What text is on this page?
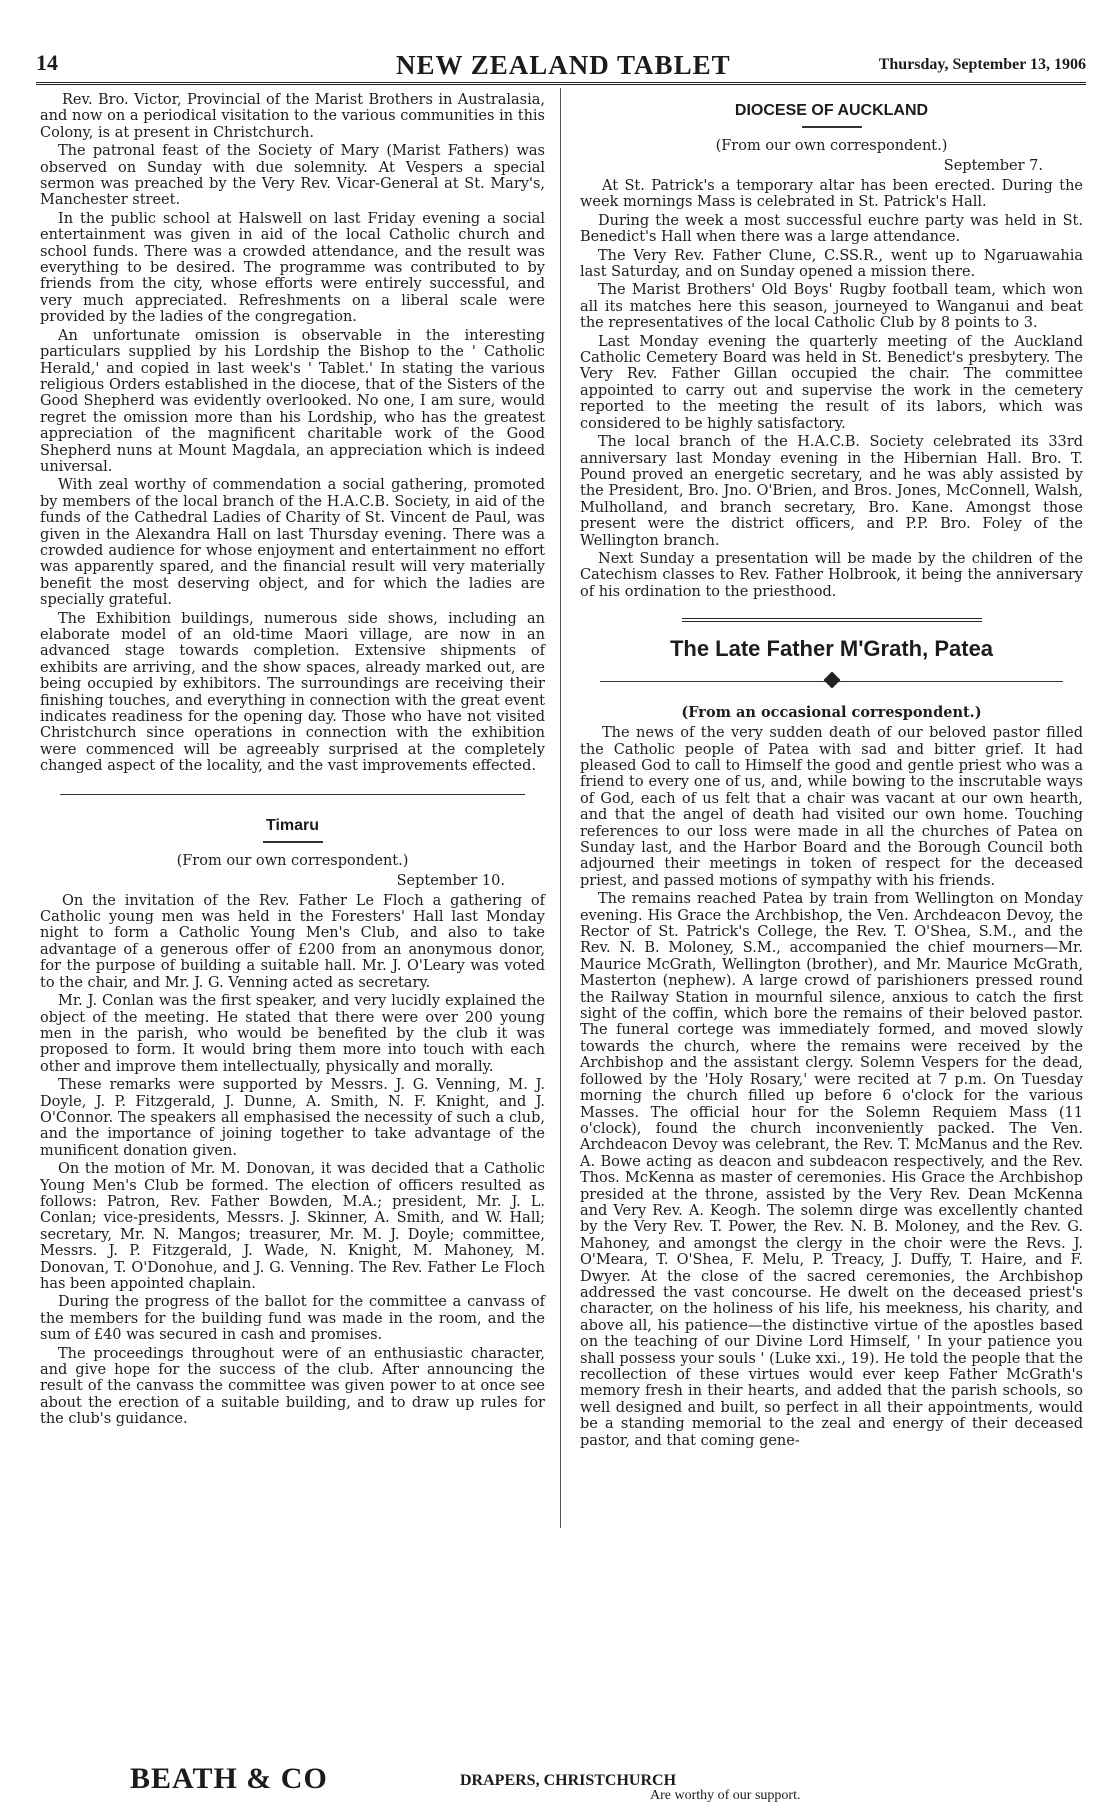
14	NEW ZEALAND TABLET	Thursday, September 13, 1906

Rev. Bro. Victor, Provincial of the Marist Brothers in Australasia, and now on a periodical visitation to the various communities in this Colony, is at present in Christchurch.

The patronal feast of the Society of Mary (Marist Fathers) was observed on Sunday with due solemnity. At Vespers a special sermon was preached by the Very Rev. Vicar-General at St. Mary's, Manchester street.

In the public school at Halswell on last Friday evening a social entertainment was given in aid of the local Catholic church and school funds. There was a crowded attendance, and the result was everything to be desired. The programme was contributed to by friends from the city, whose efforts were entirely successful, and very much appreciated. Refreshments on a liberal scale were provided by the ladies of the congregation.

An unfortunate omission is observable in the interesting particulars supplied by his Lordship the Bishop to the ' Catholic Herald,' and copied in last week's ' Tablet.' In stating the various religious Orders established in the diocese, that of the Sisters of the Good Shepherd was evidently overlooked. No one, I am sure, would regret the omission more than his Lordship, who has the greatest appreciation of the magnificent charitable work of the Good Shepherd nuns at Mount Magdala, an appreciation which is indeed universal.

With zeal worthy of commendation a social gathering, promoted by members of the local branch of the H.A.C.B. Society, in aid of the funds of the Cathedral Ladies of Charity of St. Vincent de Paul, was given in the Alexandra Hall on last Thursday evening. There was a crowded audience for whose enjoyment and entertainment no effort was apparently spared, and the financial result will very materially benefit the most deserving object, and for which the ladies are specially grateful.

The Exhibition buildings, numerous side shows, including an elaborate model of an old-time Maori village, are now in an advanced stage towards completion. Extensive shipments of exhibits are arriving, and the show spaces, already marked out, are being occupied by exhibitors. The surroundings are receiving their finishing touches, and everything in connection with the great event indicates readiness for the opening day. Those who have not visited Christchurch since operations in connection with the exhibition were commenced will be agreeably surprised at the completely changed aspect of the locality, and the vast improvements effected.

Timaru
(From our own correspondent.)
September 10.

On the invitation of the Rev. Father Le Floch a gathering of Catholic young men was held in the Foresters' Hall last Monday night to form a Catholic Young Men's Club, and also to take advantage of a generous offer of £200 from an anonymous donor, for the purpose of building a suitable hall. Mr. J. O'Leary was voted to the chair, and Mr. J. G. Venning acted as secretary.

Mr. J. Conlan was the first speaker, and very lucidly explained the object of the meeting. He stated that there were over 200 young men in the parish, who would be benefited by the club it was proposed to form. It would bring them more into touch with each other and improve them intellectually, physically and morally.

These remarks were supported by Messrs. J. G. Venning, M. J. Doyle, J. P. Fitzgerald, J. Dunne, A. Smith, N. F. Knight, and J. O'Connor. The speakers all emphasised the necessity of such a club, and the importance of joining together to take advantage of the munificent donation given.

On the motion of Mr. M. Donovan, it was decided that a Catholic Young Men's Club be formed. The election of officers resulted as follows: Patron, Rev. Father Bowden, M.A.; president, Mr. J. L. Conlan; vice-presidents, Messrs. J. Skinner, A. Smith, and W. Hall; secretary, Mr. N. Mangos; treasurer, Mr. M. J. Doyle; committee, Messrs. J. P. Fitzgerald, J. Wade, N. Knight, M. Mahoney, M. Donovan, T. O'Donohue, and J. G. Venning. The Rev. Father Le Floch has been appointed chaplain.

During the progress of the ballot for the committee a canvass of the members for the building fund was made in the room, and the sum of £40 was secured in cash and promises.

The proceedings throughout were of an enthusiastic character, and give hope for the success of the club. After announcing the result of the canvass the committee was given power to at once see about the erection of a suitable building, and to draw up rules for the club's guidance.

DIOCESE OF AUCKLAND
(From our own correspondent.)
September 7.

At St. Patrick's a temporary altar has been erected. During the week mornings Mass is celebrated in St. Patrick's Hall.

During the week a most successful euchre party was held in St. Benedict's Hall when there was a large attendance.

The Very Rev. Father Clune, C.SS.R., went up to Ngaruawahia last Saturday, and on Sunday opened a mission there.

The Marist Brothers' Old Boys' Rugby football team, which won all its matches here this season, journeyed to Wanganui and beat the representatives of the local Catholic Club by 8 points to 3.

Last Monday evening the quarterly meeting of the Auckland Catholic Cemetery Board was held in St. Benedict's presbytery. The Very Rev. Father Gillan occupied the chair. The committee appointed to carry out and supervise the work in the cemetery reported to the meeting the result of its labors, which was considered to be highly satisfactory.

The local branch of the H.A.C.B. Society celebrated its 33rd anniversary last Monday evening in the Hibernian Hall. Bro. T. Pound proved an energetic secretary, and he was ably assisted by the President, Bro. Jno. O'Brien, and Bros. Jones, McConnell, Walsh, Mulholland, and branch secretary, Bro. Kane. Amongst those present were the district officers, and P.P. Bro. Foley of the Wellington branch.

Next Sunday a presentation will be made by the children of the Catechism classes to Rev. Father Holbrook, it being the anniversary of his ordination to the priesthood.

The Late Father M'Grath, Patea
(From an occasional correspondent.)

The news of the very sudden death of our beloved pastor filled the Catholic people of Patea with sad and bitter grief. It had pleased God to call to Himself the good and gentle priest who was a friend to every one of us, and, while bowing to the inscrutable ways of God, each of us felt that a chair was vacant at our own hearth, and that the angel of death had visited our own home. Touching references to our loss were made in all the churches of Patea on Sunday last, and the Harbor Board and the Borough Council both adjourned their meetings in token of respect for the deceased priest, and passed motions of sympathy with his friends.

The remains reached Patea by train from Wellington on Monday evening. His Grace the Archbishop, the Ven. Archdeacon Devoy, the Rector of St. Patrick's College, the Rev. T. O'Shea, S.M., and the Rev. N. B. Moloney, S.M., accompanied the chief mourners—Mr. Maurice McGrath, Wellington (brother), and Mr. Maurice McGrath, Masterton (nephew). A large crowd of parishioners pressed round the Railway Station in mournful silence, anxious to catch the first sight of the coffin, which bore the remains of their beloved pastor. The funeral cortege was immediately formed, and moved slowly towards the church, where the remains were received by the Archbishop and the assistant clergy. Solemn Vespers for the dead, followed by the 'Holy Rosary,' were recited at 7 p.m. On Tuesday morning the church filled up before 6 o'clock for the various Masses. The official hour for the Solemn Requiem Mass (11 o'clock), found the church inconveniently packed. The Ven. Archdeacon Devoy was celebrant, the Rev. T. McManus and the Rev. A. Bowe acting as deacon and subdeacon respectively, and the Rev. Thos. McKenna as master of ceremonies. His Grace the Archbishop presided at the throne, assisted by the Very Rev. Dean McKenna and Very Rev. A. Keogh. The solemn dirge was excellently chanted by the Very Rev. T. Power, the Rev. N. B. Moloney, and the Rev. G. Mahoney, and amongst the clergy in the choir were the Revs. J. O'Meara, T. O'Shea, F. Melu, P. Treacy, J. Duffy, T. Haire, and F. Dwyer. At the close of the sacred ceremonies, the Archbishop addressed the vast concourse. He dwelt on the deceased priest's character, on the holiness of his life, his meekness, his charity, and above all, his patience—the distinctive virtue of the apostles based on the teaching of our Divine Lord Himself, ' In your patience you shall possess your souls ' (Luke xxi., 19). He told the people that the recollection of these virtues would ever keep Father McGrath's memory fresh in their hearts, and added that the parish schools, so well designed and built, so perfect in all their appointments, would be a standing memorial to the zeal and energy of their deceased pastor, and that coming gene-

BEATH & CO	DRAPERS, CHRISTCHURCH
Are worthy of our support.
